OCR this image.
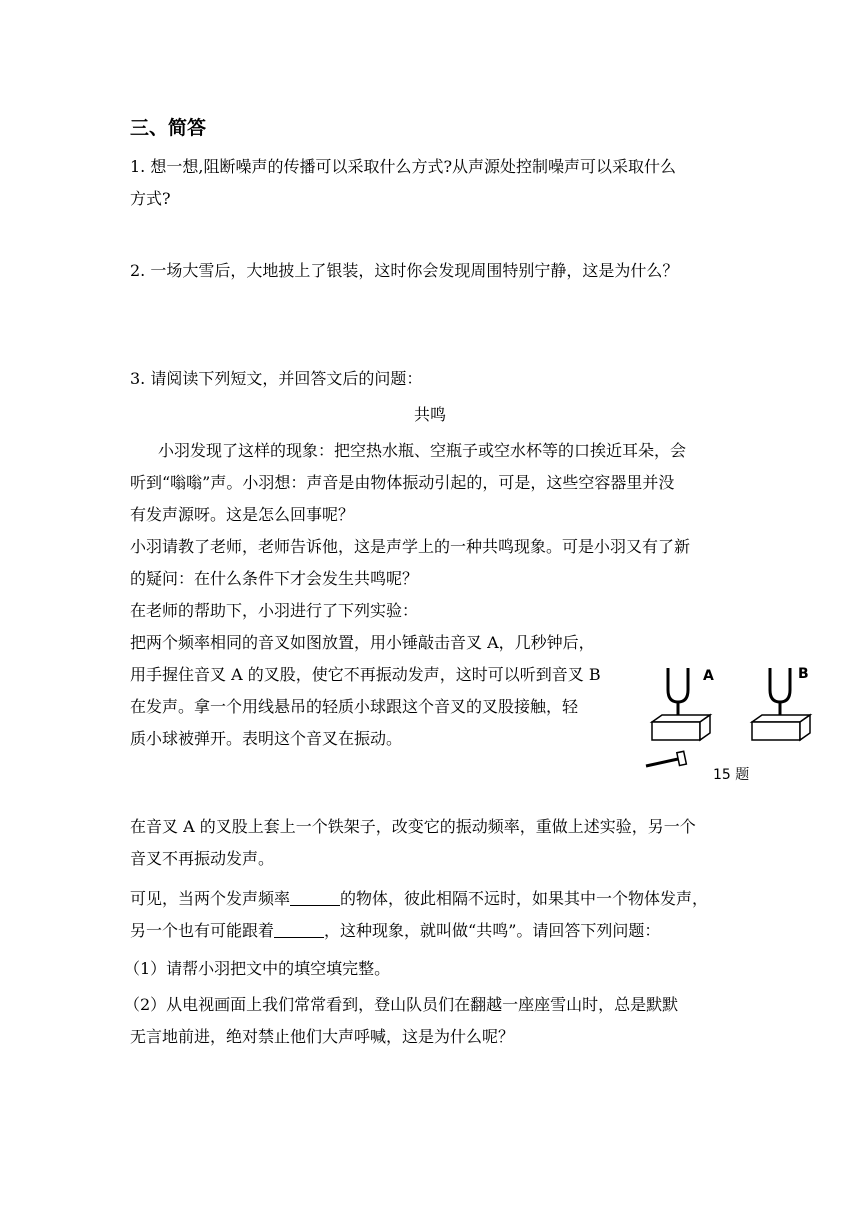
三、简答
1. 想一想,阻断噪声的传播可以采取什么方式?从声源处控制噪声可以采取什么
方式?
2. 一场大雪后，大地披上了银装，这时你会发现周围特别宁静，这是为什么？
3. 请阅读下列短文，并回答文后的问题：
共鸣
小羽发现了这样的现象：把空热水瓶、空瓶子或空水杯等的口挨近耳朵，会
听到“嗡嗡”声。小羽想：声音是由物体振动引起的，可是，这些空容器里并没
有发声源呀。这是怎么回事呢？
小羽请教了老师，老师告诉他，这是声学上的一种共鸣现象。可是小羽又有了新
的疑问：在什么条件下才会发生共鸣呢？
在老师的帮助下，小羽进行了下列实验：
把两个频率相同的音叉如图放置，用小锤敲击音叉 A，几秒钟后，
用手握住音叉 A 的叉股，使它不再振动发声，这时可以听到音叉 B
在发声。拿一个用线悬吊的轻质小球跟这个音叉的叉股接触，轻
质小球被弹开。表明这个音叉在振动。
A	B
15 题
在音叉 A 的叉股上套上一个铁架子，改变它的振动频率，重做上述实验，另一个
音叉不再振动发声。
可见，当两个发声频率	的物体，彼此相隔不远时，如果其中一个物体发声，
另一个也有可能跟着	，这种现象，就叫做“共鸣”。请回答下列问题：
（1）请帮小羽把文中的填空填完整。
（2）从电视画面上我们常常看到，登山队员们在翻越一座座雪山时，总是默默
无言地前进，绝对禁止他们大声呼喊，这是为什么呢？
